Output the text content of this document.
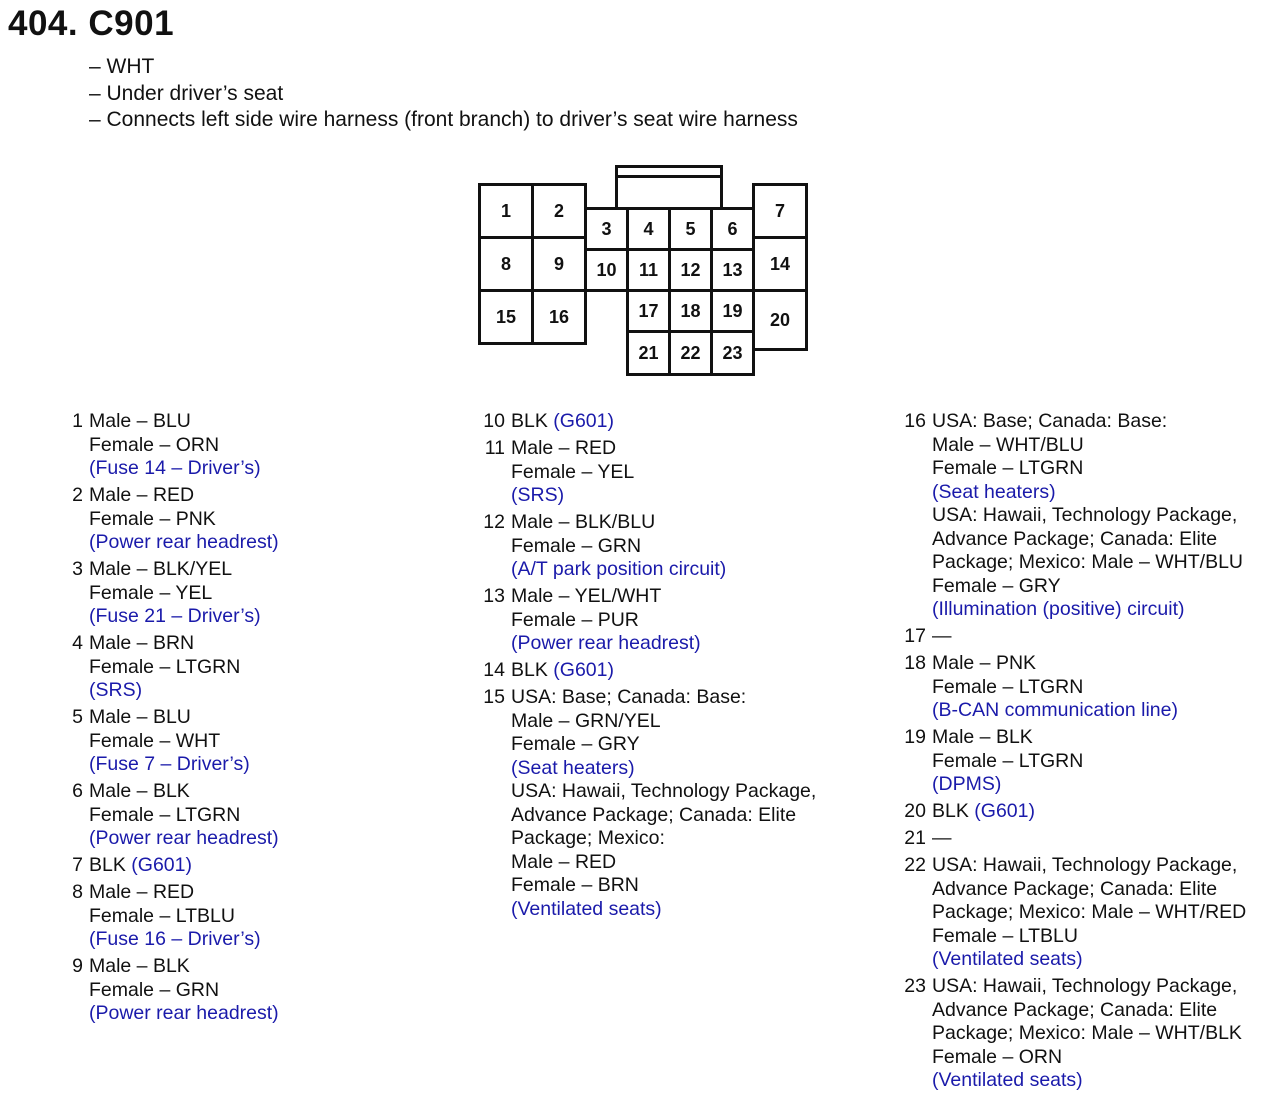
404. C901
– WHT
– Under driver’s seat
– Connects left side wire harness (front branch) to driver’s seat wire harness
1	2
8	9
15	16
3	4	5	6
10	11	12	13
17	18	19
21	22	23
7
14
20
1 Male – BLU
Female – ORN
(Fuse 14 – Driver’s)
2 Male – RED
Female – PNK
(Power rear headrest)
3 Male – BLK/YEL
Female – YEL
(Fuse 21 – Driver’s)
4 Male – BRN
Female – LTGRN
(SRS)
5 Male – BLU
Female – WHT
(Fuse 7 – Driver’s)
6 Male – BLK
Female – LTGRN
(Power rear headrest)
7 BLK (G601)
8 Male – RED
Female – LTBLU
(Fuse 16 – Driver’s)
9 Male – BLK
Female – GRN
(Power rear headrest)
10 BLK (G601)
11 Male – RED
Female – YEL
(SRS)
12 Male – BLK/BLU
Female – GRN
(A/T park position circuit)
13 Male – YEL/WHT
Female – PUR
(Power rear headrest)
14 BLK (G601)
15 USA: Base; Canada: Base:
Male – GRN/YEL
Female – GRY
(Seat heaters)
USA: Hawaii, Technology Package,
Advance Package; Canada: Elite
Package; Mexico:
Male – RED
Female – BRN
(Ventilated seats)
16 USA: Base; Canada: Base:
Male – WHT/BLU
Female – LTGRN
(Seat heaters)
USA: Hawaii, Technology Package,
Advance Package; Canada: Elite
Package; Mexico: Male – WHT/BLU
Female – GRY
(Illumination (positive) circuit)
17 —
18 Male – PNK
Female – LTGRN
(B-CAN communication line)
19 Male – BLK
Female – LTGRN
(DPMS)
20 BLK (G601)
21 —
22 USA: Hawaii, Technology Package,
Advance Package; Canada: Elite
Package; Mexico: Male – WHT/RED
Female – LTBLU
(Ventilated seats)
23 USA: Hawaii, Technology Package,
Advance Package; Canada: Elite
Package; Mexico: Male – WHT/BLK
Female – ORN
(Ventilated seats)
